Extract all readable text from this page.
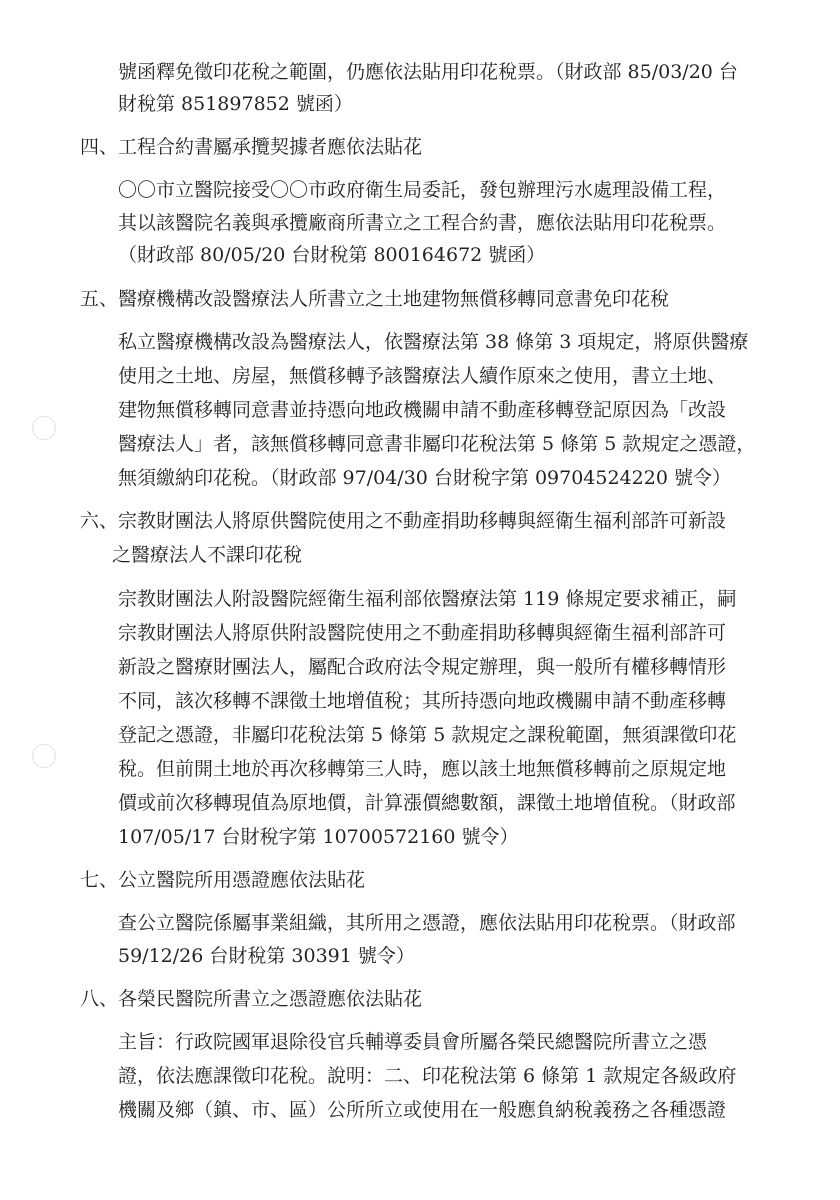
號函釋免徵印花稅之範圍，仍應依法貼用印花稅票。（財政部 85/03/20 台
財稅第 851897852 號函）
四、工程合約書屬承攬契據者應依法貼花
〇〇市立醫院接受〇〇市政府衛生局委託，發包辦理污水處理設備工程，
其以該醫院名義與承攬廠商所書立之工程合約書，應依法貼用印花稅票。
（財政部 80/05/20 台財稅第 800164672 號函）
五、醫療機構改設醫療法人所書立之土地建物無償移轉同意書免印花稅
私立醫療機構改設為醫療法人，依醫療法第 38 條第 3 項規定，將原供醫療
使用之土地、房屋，無償移轉予該醫療法人續作原來之使用，書立土地、
建物無償移轉同意書並持憑向地政機關申請不動產移轉登記原因為「改設
醫療法人」者，該無償移轉同意書非屬印花稅法第 5 條第 5 款規定之憑證，
無須繳納印花稅。（財政部 97/04/30 台財稅字第 09704524220 號令）
六、宗教財團法人將原供醫院使用之不動產捐助移轉與經衛生福利部許可新設
之醫療法人不課印花稅
宗教財團法人附設醫院經衛生福利部依醫療法第 119 條規定要求補正，嗣
宗教財團法人將原供附設醫院使用之不動產捐助移轉與經衛生福利部許可
新設之醫療財團法人，屬配合政府法令規定辦理，與一般所有權移轉情形
不同，該次移轉不課徵土地增值稅；其所持憑向地政機關申請不動產移轉
登記之憑證，非屬印花稅法第 5 條第 5 款規定之課稅範圍，無須課徵印花
稅。但前開土地於再次移轉第三人時，應以該土地無償移轉前之原規定地
價或前次移轉現值為原地價，計算漲價總數額，課徵土地增值稅。（財政部
107/05/17 台財稅字第 10700572160 號令）
七、公立醫院所用憑證應依法貼花
查公立醫院係屬事業組織，其所用之憑證，應依法貼用印花稅票。（財政部
59/12/26 台財稅第 30391 號令）
八、各榮民醫院所書立之憑證應依法貼花
主旨：行政院國軍退除役官兵輔導委員會所屬各榮民總醫院所書立之憑
證，依法應課徵印花稅。說明：二、印花稅法第 6 條第 1 款規定各級政府
機關及鄉（鎮、市、區）公所所立或使用在一般應負納稅義務之各種憑證
